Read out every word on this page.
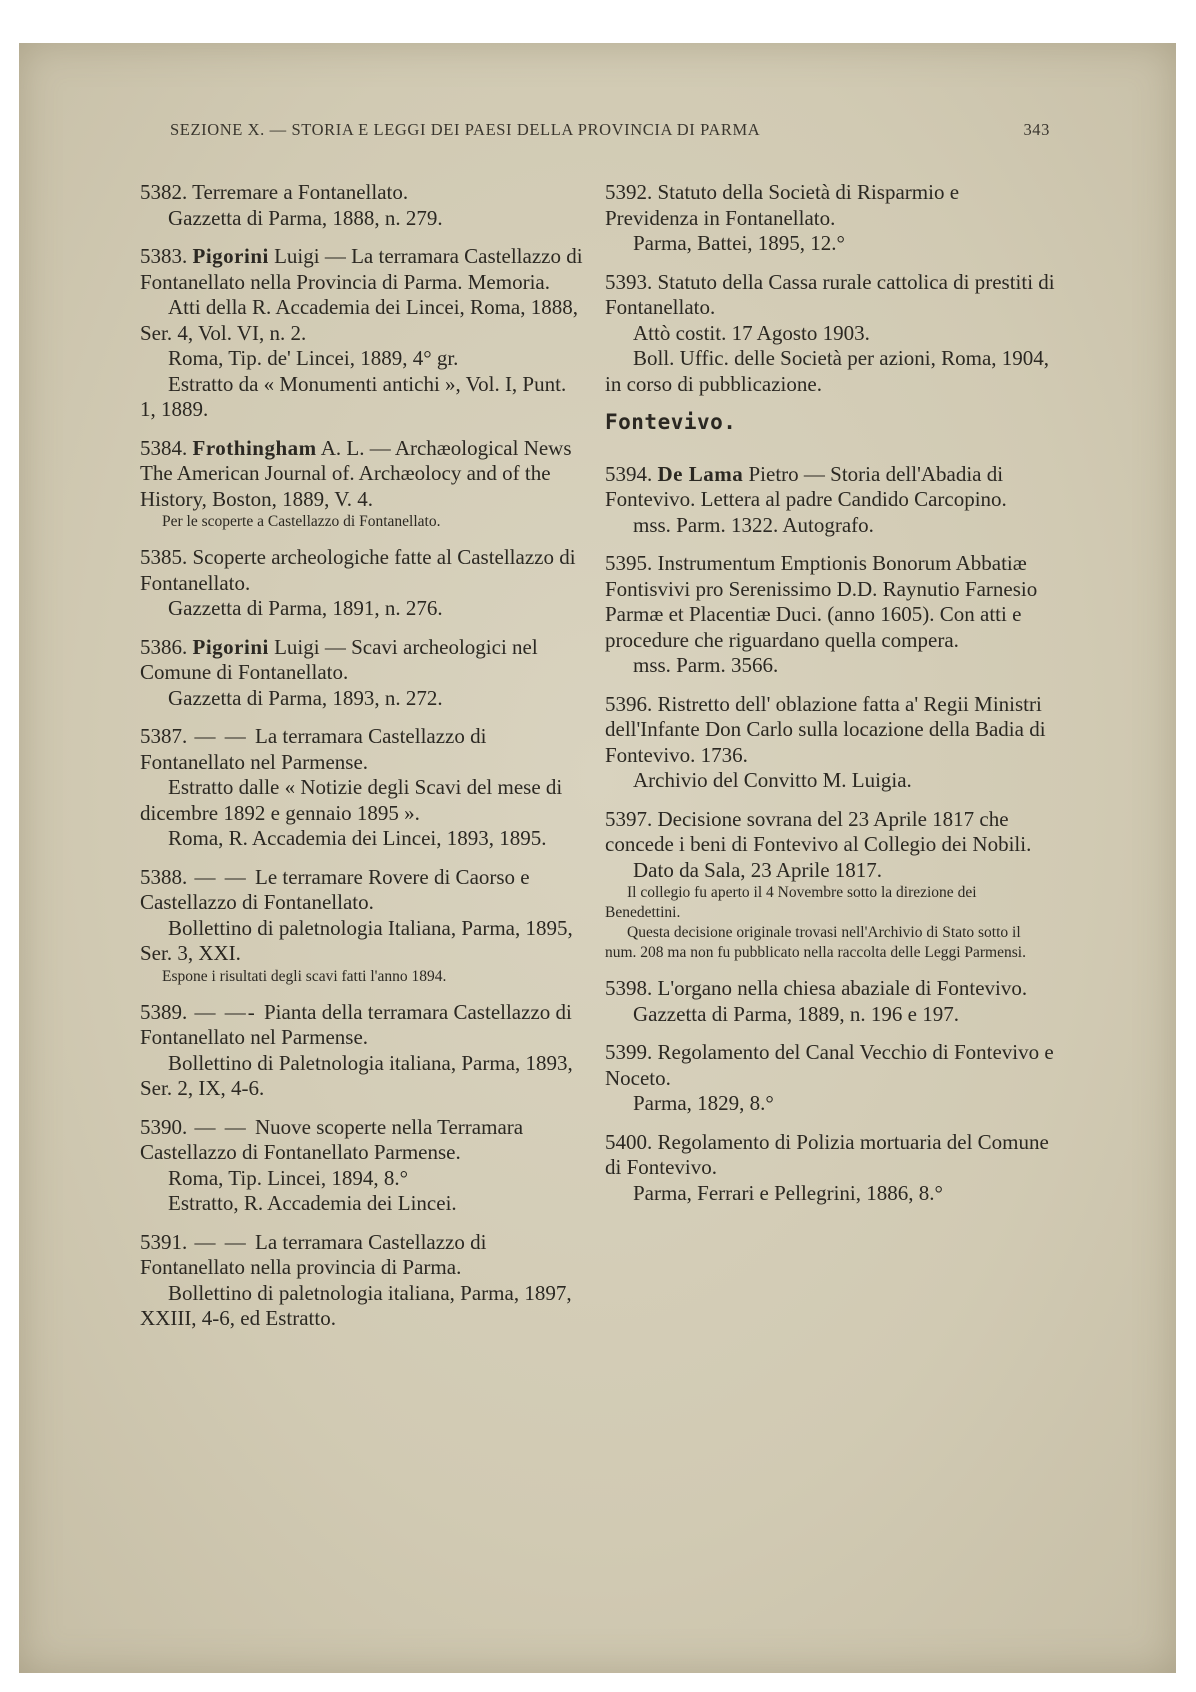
SEZIONE X. — STORIA E LEGGI DEI PAESI DELLA PROVINCIA DI PARMA	343

5382. Terremare a Fontanellato.

Gazzetta di Parma, 1888, n. 279.

5383. Pigorini Luigi — La terramara Castellazzo di Fontanellato nella Provincia di Parma. Memoria.

Atti della R. Accademia dei Lincei, Roma, 1888, Ser. 4, Vol. VI, n. 2.

Roma, Tip. de' Lincei, 1889, 4° gr.

Estratto da « Monumenti antichi », Vol. I, Punt. 1, 1889.

5384. Frothingham A. L. — Archæological News The American Journal of. Archæolocy and of the History, Boston, 1889, V. 4.

Per le scoperte a Castellazzo di Fontanellato.

5385. Scoperte archeologiche fatte al Castellazzo di Fontanellato.

Gazzetta di Parma, 1891, n. 276.

5386. Pigorini Luigi — Scavi archeologici nel Comune di Fontanellato.

Gazzetta di Parma, 1893, n. 272.

5387. — — La terramara Castellazzo di Fontanellato nel Parmense.

Estratto dalle « Notizie degli Scavi del mese di dicembre 1892 e gennaio 1895 ».

Roma, R. Accademia dei Lincei, 1893, 1895.

5388. — — Le terramare Rovere di Caorso e Castellazzo di Fontanellato.

Bollettino di paletnologia Italiana, Parma, 1895, Ser. 3, XXI.

Espone i risultati degli scavi fatti l'anno 1894.

5389. — —- Pianta della terramara Castellazzo di Fontanellato nel Parmense.

Bollettino di Paletnologia italiana, Parma, 1893, Ser. 2, IX, 4-6.

5390. — — Nuove scoperte nella Terramara Castellazzo di Fontanellato Parmense.

Roma, Tip. Lincei, 1894, 8.°

Estratto, R. Accademia dei Lincei.

5391. — — La terramara Castellazzo di Fontanellato nella provincia di Parma.

Bollettino di paletnologia italiana, Parma, 1897, XXIII, 4-6, ed Estratto.

5392. Statuto della Società di Risparmio e Previdenza in Fontanellato.

Parma, Battei, 1895, 12.°

5393. Statuto della Cassa rurale cattolica di prestiti di Fontanellato.

Attò costit. 17 Agosto 1903.

Boll. Uffic. delle Società per azioni, Roma, 1904, in corso di pubblicazione.

Fontevivo.

5394. De Lama Pietro — Storia dell'Abadia di Fontevivo. Lettera al padre Candido Carcopino.

mss. Parm. 1322. Autografo.

5395. Instrumentum Emptionis Bonorum Abbatiæ Fontisvivi pro Serenissimo D.D. Raynutio Farnesio Parmæ et Placentiæ Duci. (anno 1605). Con atti e procedure che riguardano quella compera.

mss. Parm. 3566.

5396. Ristretto dell' oblazione fatta a' Regii Ministri dell'Infante Don Carlo sulla locazione della Badia di Fontevivo. 1736.

Archivio del Convitto M. Luigia.

5397. Decisione sovrana del 23 Aprile 1817 che concede i beni di Fontevivo al Collegio dei Nobili.

Dato da Sala, 23 Aprile 1817.

Il collegio fu aperto il 4 Novembre sotto la direzione dei Benedettini.

Questa decisione originale trovasi nell'Archivio di Stato sotto il num. 208 ma non fu pubblicato nella raccolta delle Leggi Parmensi.

5398. L'organo nella chiesa abaziale di Fontevivo.

Gazzetta di Parma, 1889, n. 196 e 197.

5399. Regolamento del Canal Vecchio di Fontevivo e Noceto.

Parma, 1829, 8.°

5400. Regolamento di Polizia mortuaria del Comune di Fontevivo.

Parma, Ferrari e Pellegrini, 1886, 8.°
